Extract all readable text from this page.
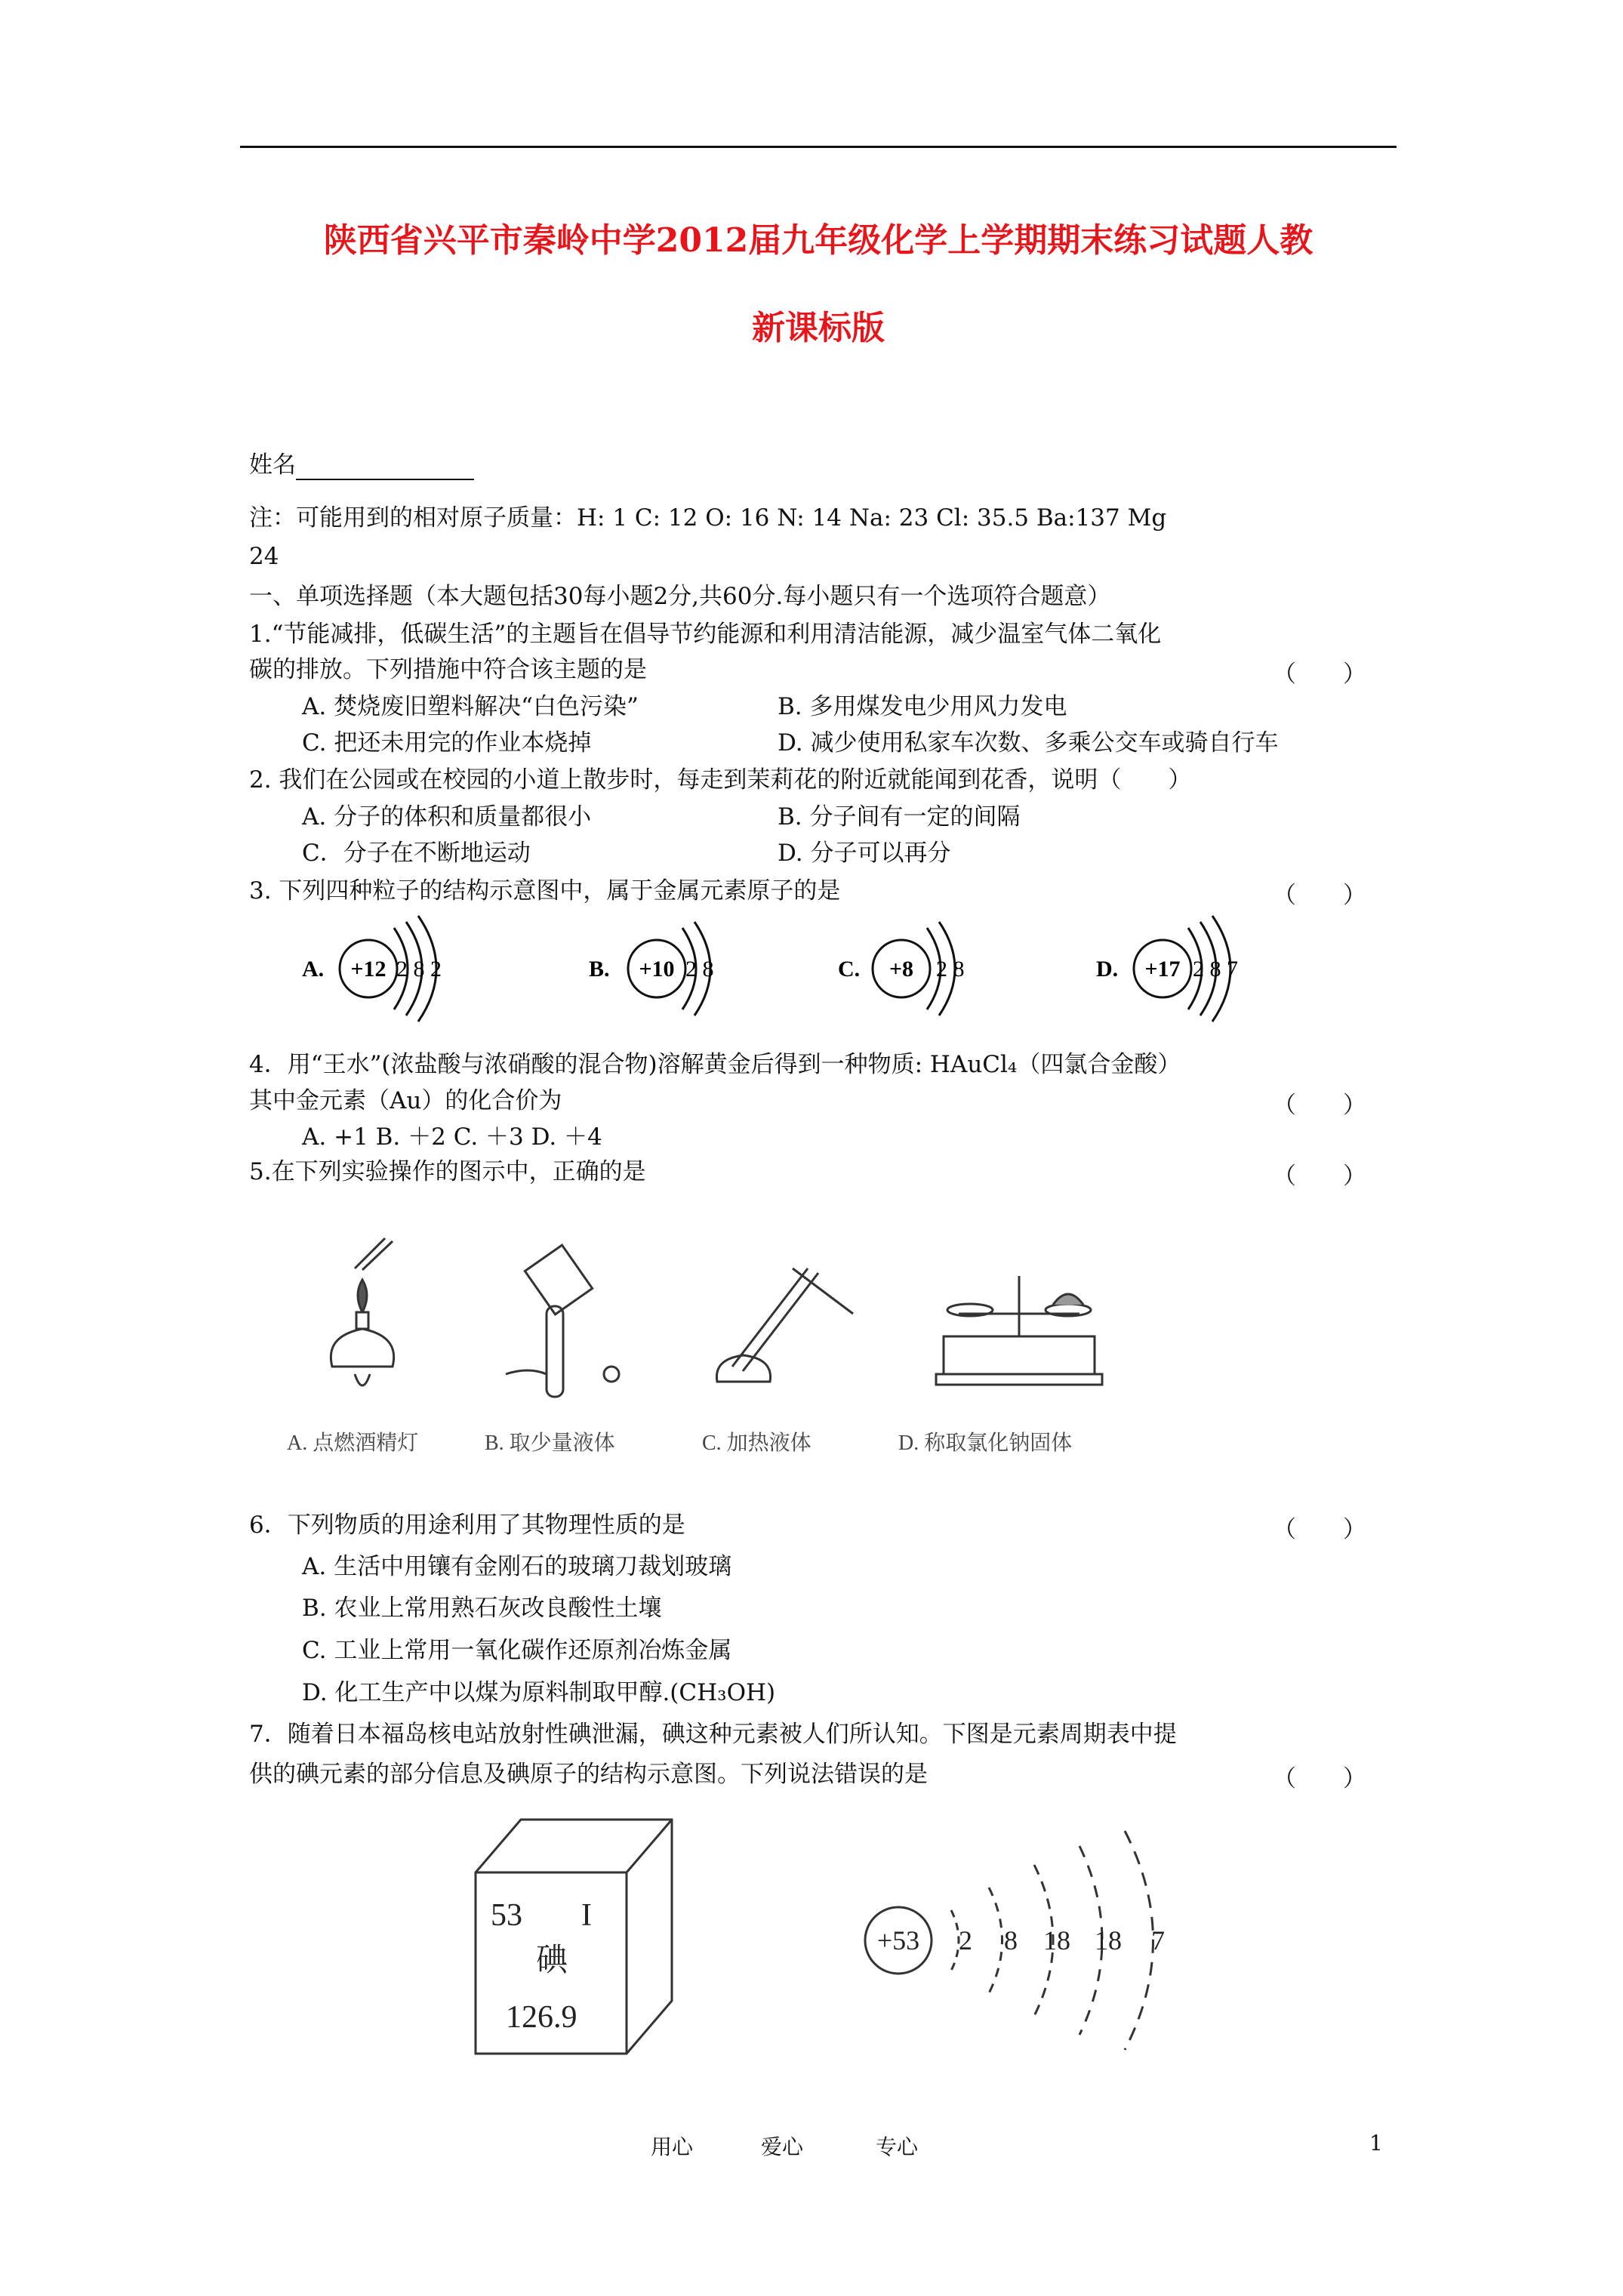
陕西省兴平市秦岭中学2012届九年级化学上学期期末练习试题人教
新课标版
姓名
注：可能用到的相对原子质量：H: 1 C: 12 O: 16 N: 14 Na: 23 Cl: 35.5 Ba:137 Mg
24
一、单项选择题（本大题包括30每小题2分,共60分.每小题只有一个选项符合题意）
1.“节能减排，低碳生活”的主题旨在倡导节约能源和利用清洁能源，减少温室气体二氧化
碳的排放。下列措施中符合该主题的是	（　　）
A. 焚烧废旧塑料解决“白色污染”	B. 多用煤发电少用风力发电
C. 把还未用完的作业本烧掉	D. 减少使用私家车次数、多乘公交车或骑自行车
2. 我们在公园或在校园的小道上散步时，每走到茉莉花的附近就能闻到花香，说明（　　）
A. 分子的体积和质量都很小	B. 分子间有一定的间隔
C．分子在不断地运动	D. 分子可以再分
3. 下列四种粒子的结构示意图中，属于金属元素原子的是	（　　）
A. +12 2 8 2	B. +10 2 8	C. +8 2 8	D. +17 2 8 7
4．用“王水”(浓盐酸与浓硝酸的混合物)溶解黄金后得到一种物质: HAuCl₄（四氯合金酸）
其中金元素（Au）的化合价为	（　　）
A. +1 B. ＋2 C. ＋3 D. ＋4
5.在下列实验操作的图示中，正确的是	（　　）
A. 点燃酒精灯	B. 取少量液体	C. 加热液体	D. 称取氯化钠固体
6．下列物质的用途利用了其物理性质的是	（　　）
A. 生活中用镶有金刚石的玻璃刀裁划玻璃
B. 农业上常用熟石灰改良酸性土壤
C. 工业上常用一氧化碳作还原剂冶炼金属
D. 化工生产中以煤为原料制取甲醇.(CH₃OH)
7．随着日本福岛核电站放射性碘泄漏，碘这种元素被人们所认知。下图是元素周期表中提
供的碘元素的部分信息及碘原子的结构示意图。下列说法错误的是	（　　）
53 I
碘
126.9
+53 2 8 18 18 7
用心	爱心	专心	1
